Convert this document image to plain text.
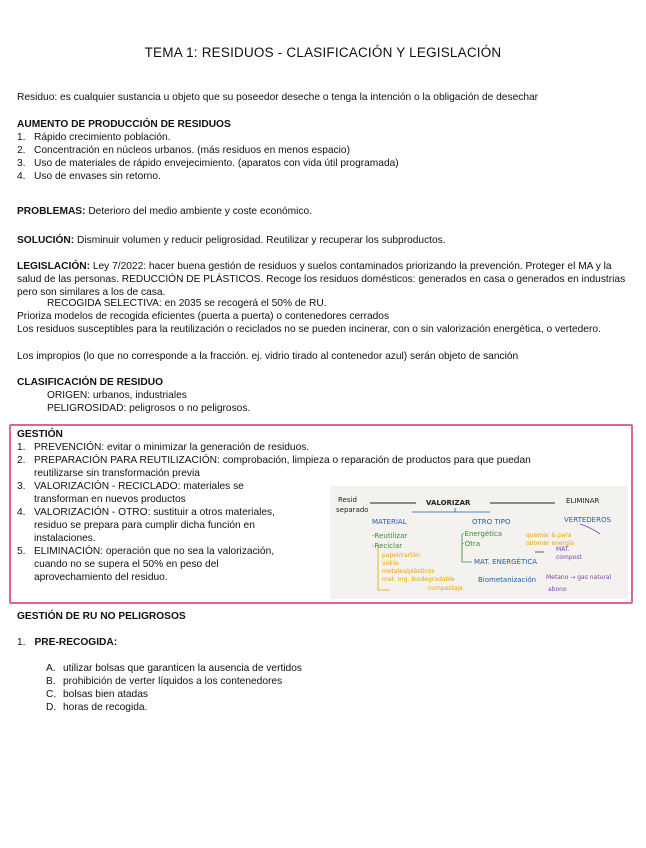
TEMA 1: RESIDUOS - CLASIFICACIÓN Y LEGISLACIÓN
Residuo: es cualquier sustancia u objeto que su poseedor deseche o tenga la intención o la obligación de desechar
AUMENTO DE PRODUCCIÓN DE RESIDUOS
1. Rápido crecimiento población.
2. Concentración en núcleos urbanos. (más residuos en menos espacio)
3. Uso de materiales de rápido envejecimiento. (aparatos con vida útil programada)
4. Uso de envases sin retorno.
PROBLEMAS: Deterioro del medio ambiente y coste económico.
SOLUCIÓN: Disminuir volumen y reducir peligrosidad. Reutilizar y recuperar los subproductos.
LEGISLACIÓN: Ley 7/2022: hacer buena gestión de residuos y suelos contaminados priorizando la prevención. Proteger el MA y la salud de las personas. REDUCCIÓN DE PLÁSTICOS. Recoge los residuos domésticos: generados en casa o generados en industrias pero son similares a los de casa.
RECOGIDA SELECTIVA: en 2035 se recogerá el 50% de RU.
Prioriza modelos de recogida eficientes (puerta a puerta) o contenedores cerrados
Los residuos susceptibles para la reutilización o reciclados no se pueden incinerar, con o sin valorización energética, o vertedero.
Los impropios (lo que no corresponde a la fracción. ej. vidrio tirado al contenedor azul) serán objeto de sanción
CLASIFICACIÓN DE RESIDUO
ORIGEN: urbanos, industriales
PELIGROSIDAD: peligrosos o no peligrosos.
GESTIÓN
1. PREVENCIÓN: evitar o minimizar la generación de residuos.
2. PREPARACIÓN PARA REUTILIZACIÓN: comprobación, limpieza o reparación de productos para que puedan
reutilizarse sin transformación previa
3. VALORIZACIÓN - RECICLADO: materiales se
transforman en nuevos productos
4. VALORIZACIÓN - OTRO: sustituir a otros materiales,
residuo se prepara para cumplir dicha función en
instalaciones.
5. ELIMINACIÓN: operación que no sea la valorización,
cuando no se supera el 50% en peso del
aprovechamiento del residuo.
Resid
separado
VALORIZAR	ELIMINAR
MATERIAL	OTRO TIPO	VERTEDEROS
-Reutilizar
-Reciclar
-Energética
-Otra
quemar & para obtener energía
papel/cartón
vidrio
metales/plásticos
mat. org. biodegradable
compostaje
MAT. ENERGÉTICA
Biometanización
MAT. compost
Metano → gas natural
abono
GESTIÓN DE RU NO PELIGROSOS
1. PRE-RECOGIDA:
A. utilizar bolsas que garanticen la ausencia de vertidos
B. prohibición de verter líquidos a los contenedores
C. bolsas bien atadas
D. horas de recogida.
